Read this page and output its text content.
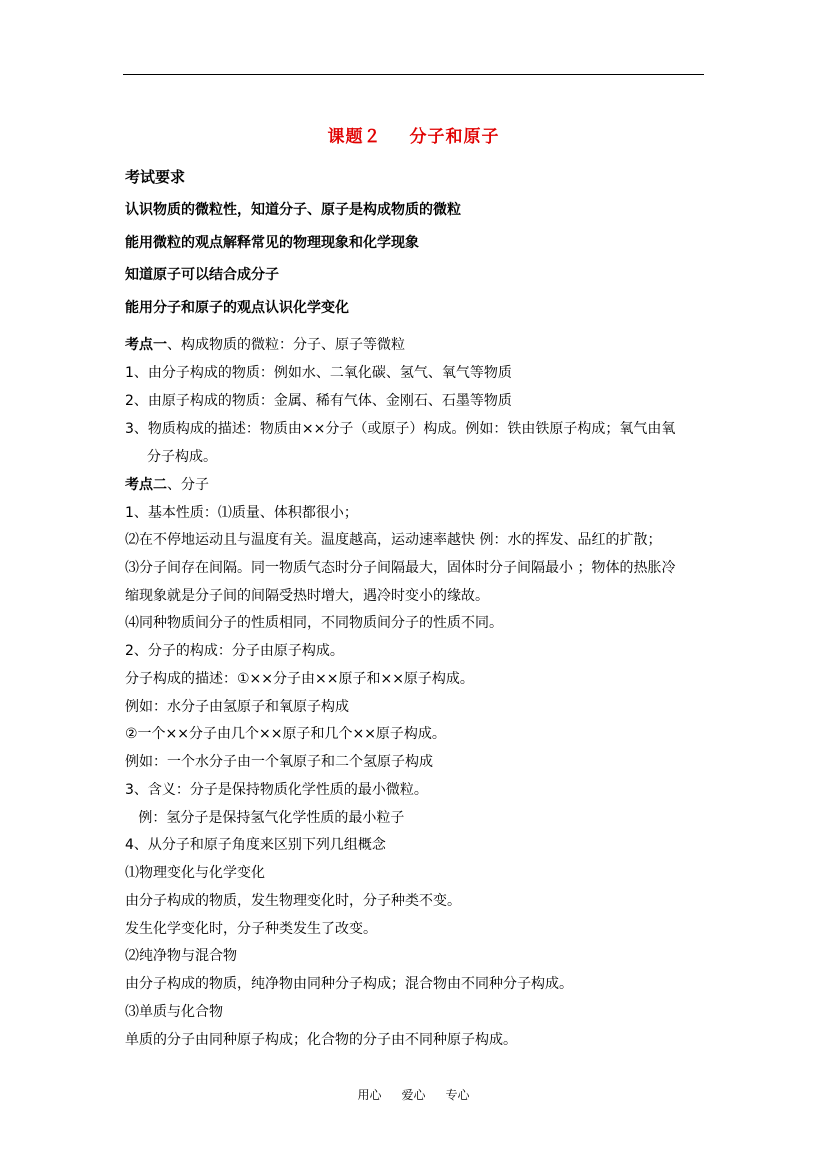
课题２ 分子和原子
考试要求
认识物质的微粒性，知道分子、原子是构成物质的微粒
能用微粒的观点解释常见的物理现象和化学现象
知道原子可以结合成分子
能用分子和原子的观点认识化学变化
考点一、构成物质的微粒：分子、原子等微粒
1、由分子构成的物质：例如水、二氧化碳、氢气、氧气等物质
2、由原子构成的物质：金属、稀有气体、金刚石、石墨等物质
3、物质构成的描述：物质由××分子（或原子）构成。例如：铁由铁原子构成；氧气由氧
分子构成。
考点二、分子
1、基本性质：⑴质量、体积都很小；
⑵在不停地运动且与温度有关。温度越高，运动速率越快 例：水的挥发、品红的扩散；
⑶分子间存在间隔。同一物质气态时分子间隔最大，固体时分子间隔最小 ；物体的热胀冷
缩现象就是分子间的间隔受热时增大，遇冷时变小的缘故。
⑷同种物质间分子的性质相同，不同物质间分子的性质不同。
2、分子的构成：分子由原子构成。
分子构成的描述：①××分子由××原子和××原子构成。
例如：水分子由氢原子和氧原子构成
②一个××分子由几个××原子和几个××原子构成。
例如：一个水分子由一个氧原子和二个氢原子构成
3、含义：分子是保持物质化学性质的最小微粒。
例：氢分子是保持氢气化学性质的最小粒子
4、从分子和原子角度来区别下列几组概念
⑴物理变化与化学变化
由分子构成的物质，发生物理变化时，分子种类不变。
发生化学变化时，分子种类发生了改变。
⑵纯净物与混合物
由分子构成的物质，纯净物由同种分子构成；混合物由不同种分子构成。
⑶单质与化合物
单质的分子由同种原子构成；化合物的分子由不同种原子构成。
用心 爱心 专心
